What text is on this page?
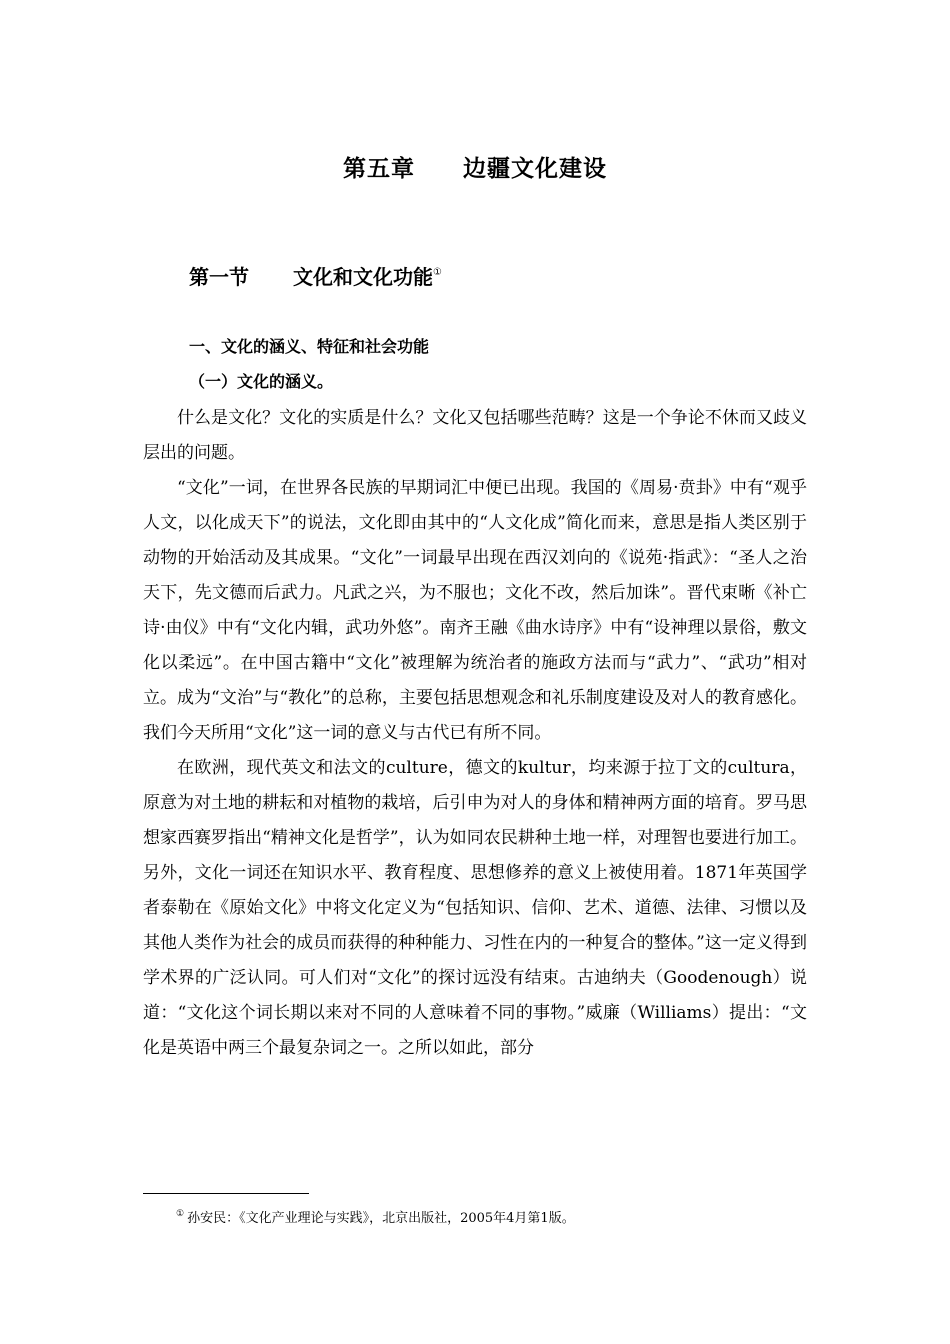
第五章 边疆文化建设
第一节 文化和文化功能①
一、文化的涵义、特征和社会功能
（一）文化的涵义。

什么是文化？文化的实质是什么？文化又包括哪些范畴？这是一个争论不休而又歧义层出的问题。

“文化”一词，在世界各民族的早期词汇中便已出现。我国的《周易·贲卦》中有“观乎人文，以化成天下”的说法，文化即由其中的“人文化成”简化而来，意思是指人类区别于动物的开始活动及其成果。“文化”一词最早出现在西汉刘向的《说苑·指武》：“圣人之治天下，先文德而后武力。凡武之兴，为不服也；文化不改，然后加诛”。晋代束晰《补亡诗·由仪》中有“文化内辑，武功外悠”。南齐王融《曲水诗序》中有“设神理以景俗，敷文化以柔远”。在中国古籍中“文化”被理解为统治者的施政方法而与“武力”、“武功”相对立。成为“文治”与“教化”的总称，主要包括思想观念和礼乐制度建设及对人的教育感化。我们今天所用“文化”这一词的意义与古代已有所不同。

在欧洲，现代英文和法文的culture，德文的kultur，均来源于拉丁文的cultura，原意为对土地的耕耘和对植物的栽培，后引申为对人的身体和精神两方面的培育。罗马思想家西赛罗指出“精神文化是哲学”，认为如同农民耕种土地一样，对理智也要进行加工。另外，文化一词还在知识水平、教育程度、思想修养的意义上被使用着。1871年英国学者泰勒在《原始文化》中将文化定义为“包括知识、信仰、艺术、道德、法律、习惯以及其他人类作为社会的成员而获得的种种能力、习性在内的一种复合的整体。”这一定义得到学术界的广泛认同。可人们对“文化”的探讨远没有结束。古迪纳夫（Goodenough）说道：“文化这个词长期以来对不同的人意味着不同的事物。”威廉（Williams）提出：“文化是英语中两三个最复杂词之一。之所以如此，部分

① 孙安民：《文化产业理论与实践》，北京出版社，2005年4月第1版。
